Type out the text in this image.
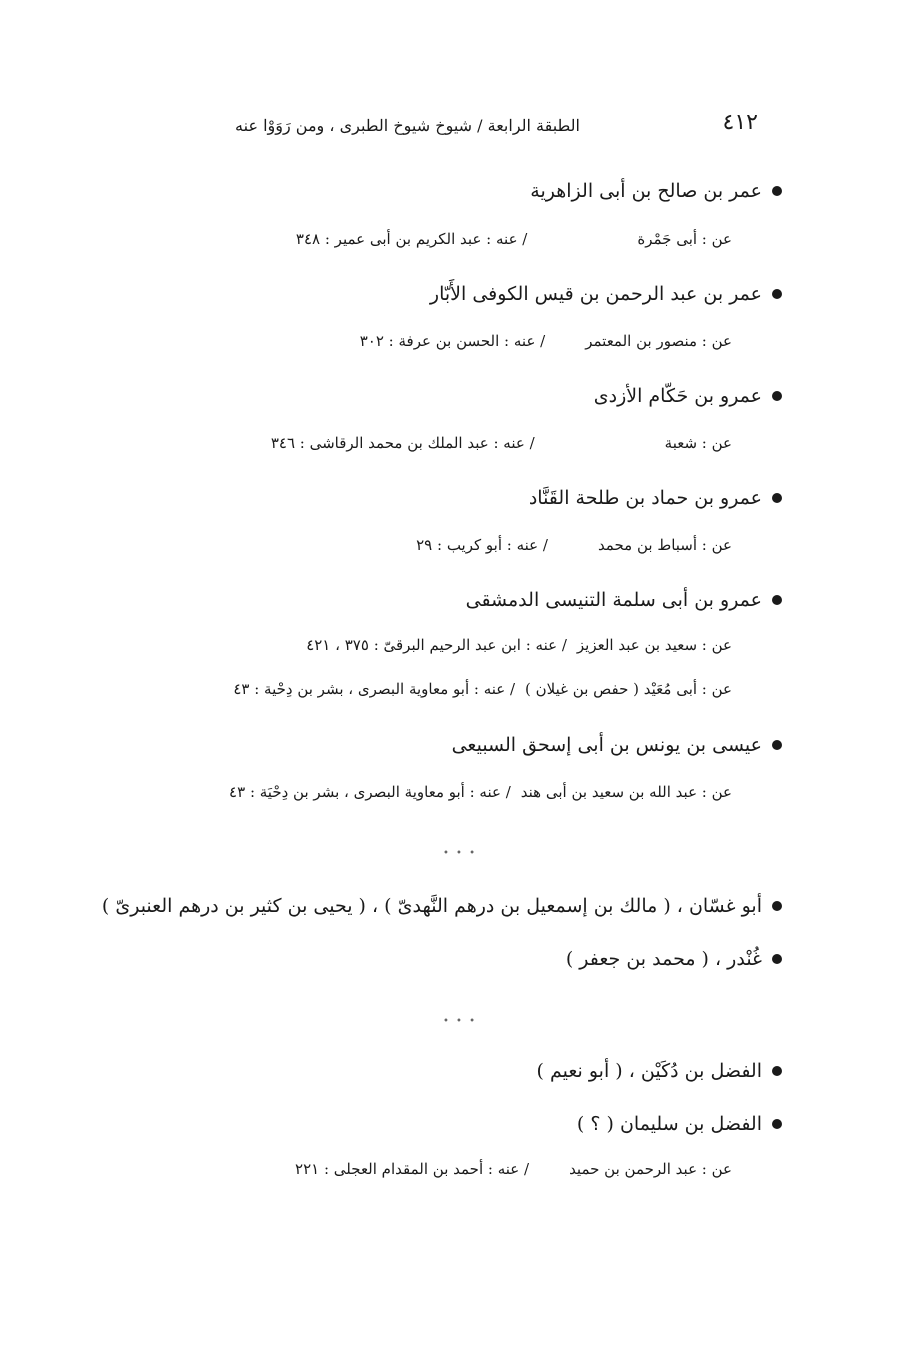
الطبقة الرابعة / شيوخ شيوخ الطبرى ، ومن رَوَوْا عنه	٤١٢
عمر بن صالح بن أبى الزاهرية
عن : أبى جَمْرة/ عنه : عبد الكريم بن أبى عمير : ٣٤٨
عمر بن عبد الرحمن بن قيس الكوفى الأَبّار
عن : منصور بن المعتمر/ عنه : الحسن بن عرفة : ٣٠٢
عمرو بن حَكّام الأزدى
عن : شعبة/ عنه : عبد الملك بن محمد الرقاشى : ٣٤٦
عمرو بن حماد بن طلحة القَنَّاد
عن : أسباط بن محمد/ عنه : أبو كريب : ٢٩
عمرو بن أبى سلمة التنيسى الدمشقى
عن : سعيد بن عبد العزيز/ عنه : ابن عبد الرحيم البرقىّ : ٣٧٥ ، ٤٢١
عن : أبى مُعَيْد ( حفص بن غيلان )/ عنه : أبو معاوية البصرى ، بشر بن دِحْية : ٤٣
عيسى بن يونس بن أبى إسحق السبيعى
عن : عبد الله بن سعيد بن أبى هند/ عنه : أبو معاوية البصرى ، بشر بن دِحْيَة : ٤٣
• • •
أبو غسّان ، ( مالك بن إسمعيل بن درهم النَّهدىّ ) ، ( يحيى بن كثير بن درهم العنبرىّ )
غُنْدر ، ( محمد بن جعفر )
• • •
الفضل بن دُكَيْن ، ( أبو نعيم )
الفضل بن سليمان ( ؟ )
عن : عبد الرحمن بن حميد/ عنه : أحمد بن المقدام العجلى : ٢٢١
